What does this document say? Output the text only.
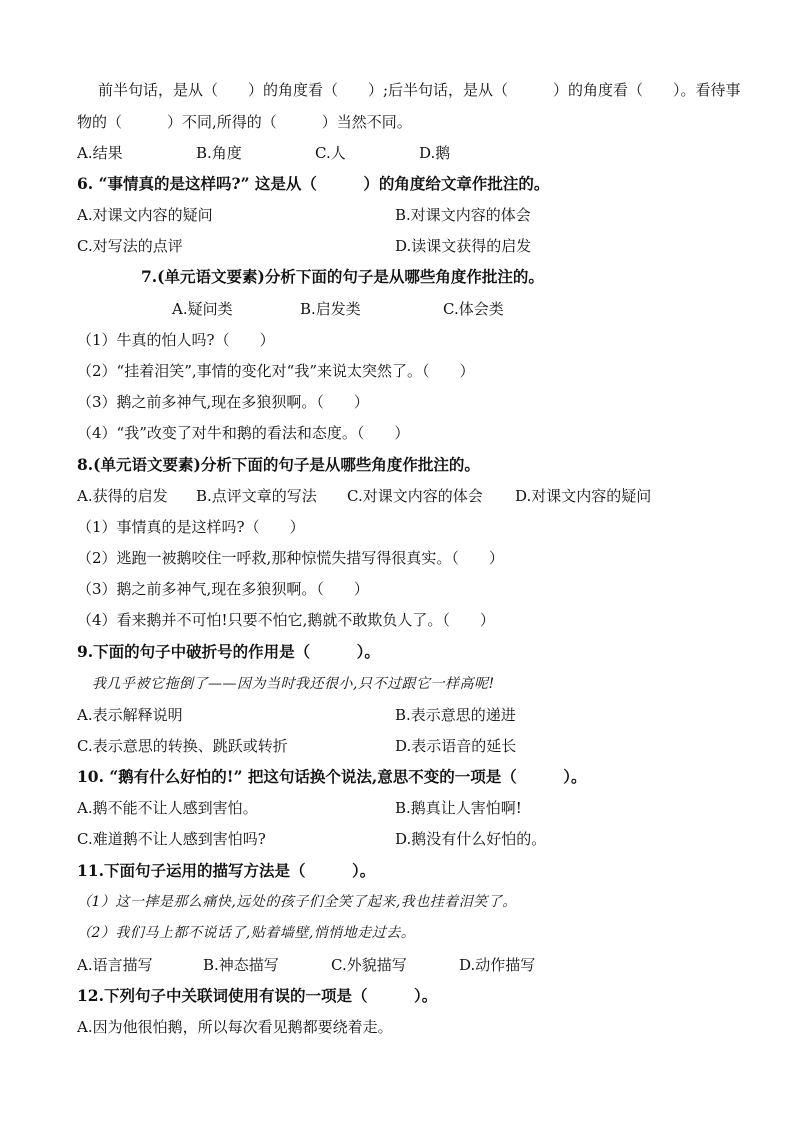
前半句话，是从（　　）的角度看（　　）;后半句话，是从（　　　）的角度看（　　）。看待事
物的（　　　）不同,所得的（　　　）当然不同。
A.结果	B.角度	C.人	D.鹅
6. “事情真的是这样吗?” 这是从（　　　）的角度给文章作批注的。
A.对课文内容的疑问	B.对课文内容的体会
C.对写法的点评	D.读课文获得的启发
7.(单元语文要素)分析下面的句子是从哪些角度作批注的。
A.疑问类	B.启发类	C.体会类
（1）牛真的怕人吗?（　　）
（2）“挂着泪笑”,事情的变化对“我”来说太突然了。（　　）
（3）鹅之前多神气,现在多狼狈啊。（　　）
（4）“我”改变了对牛和鹅的看法和态度。（　　）
8.(单元语文要素)分析下面的句子是从哪些角度作批注的。
A.获得的启发 B.点评文章的写法 C.对课文内容的体会 D.对课文内容的疑问
（1）事情真的是这样吗?（　　）
（2）逃跑一被鹅咬住一呼救,那种惊慌失措写得很真实。（　　）
（3）鹅之前多神气,现在多狼狈啊。（　　）
（4）看来鹅并不可怕!只要不怕它,鹅就不敢欺负人了。（　　）
9.下面的句子中破折号的作用是（　　　）。
我几乎被它拖倒了——因为当时我还很小,只不过跟它一样高呢!
A.表示解释说明	B.表示意思的递进
C.表示意思的转换、跳跃或转折	D.表示语音的延长
10. “鹅有什么好怕的!” 把这句话换个说法,意思不变的一项是（　　　）。
A.鹅不能不让人感到害怕。	B.鹅真让人害怕啊!
C.难道鹅不让人感到害怕吗?	D.鹅没有什么好怕的。
11.下面句子运用的描写方法是（　　　）。
（1）这一摔是那么痛快,远处的孩子们全笑了起来,我也挂着泪笑了。
（2）我们马上都不说话了,贴着墙壁,悄悄地走过去。
A.语言描写	B.神态描写	C.外貌描写	D.动作描写
12.下列句子中关联词使用有误的一项是（　　　）。
A.因为他很怕鹅，所以每次看见鹅都要绕着走。
